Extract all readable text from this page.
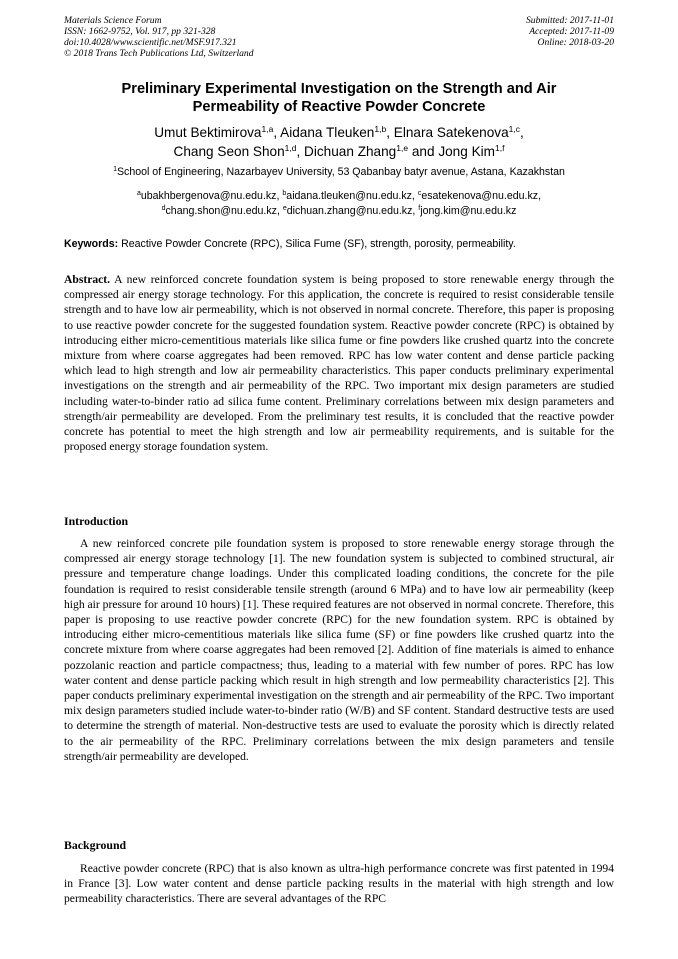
Materials Science Forum
ISSN: 1662-9752, Vol. 917, pp 321-328
doi:10.4028/www.scientific.net/MSF.917.321
© 2018 Trans Tech Publications Ltd, Switzerland
Submitted: 2017-11-01
Accepted: 2017-11-09
Online: 2018-03-20
Preliminary Experimental Investigation on the Strength and Air
Permeability of Reactive Powder Concrete
Umut Bektimirova$^{1,a}$, Aidana Tleuken$^{1,b}$, Elnara Satekenova$^{1,c}$,
Chang Seon Shon$^{1,d}$, Dichuan Zhang$^{1,e}$ and Jong Kim$^{1,f}$
$^1$School of Engineering, Nazarbayev University, 53 Qabanbay batyr avenue, Astana, Kazakhstan
$^a$ubakhbergenova@nu.edu.kz, $^b$aidana.tleuken@nu.edu.kz, $^c$esatekenova@nu.edu.kz,
$^d$chang.shon@nu.edu.kz, $^e$dichuan.zhang@nu.edu.kz, $^f$jong.kim@nu.edu.kz
Keywords: Reactive Powder Concrete (RPC), Silica Fume (SF), strength, porosity, permeability.
Abstract. A new reinforced concrete foundation system is being proposed to store renewable energy through the compressed air energy storage technology. For this application, the concrete is required to resist considerable tensile strength and to have low air permeability, which is not observed in normal concrete. Therefore, this paper is proposing to use reactive powder concrete for the suggested foundation system. Reactive powder concrete (RPC) is obtained by introducing either micro-cementitious materials like silica fume or fine powders like crushed quartz into the concrete mixture from where coarse aggregates had been removed. RPC has low water content and dense particle packing which lead to high strength and low air permeability characteristics. This paper conducts preliminary experimental investigations on the strength and air permeability of the RPC. Two important mix design parameters are studied including water-to-binder ratio ad silica fume content. Preliminary correlations between mix design parameters and strength/air permeability are developed. From the preliminary test results, it is concluded that the reactive powder concrete has potential to meet the high strength and low air permeability requirements, and is suitable for the proposed energy storage foundation system.
Introduction
A new reinforced concrete pile foundation system is proposed to store renewable energy storage through the compressed air energy storage technology [1]. The new foundation system is subjected to combined structural, air pressure and temperature change loadings. Under this complicated loading conditions, the concrete for the pile foundation is required to resist considerable tensile strength (around 6 MPa) and to have low air permeability (keep high air pressure for around 10 hours) [1]. These required features are not observed in normal concrete. Therefore, this paper is proposing to use reactive powder concrete (RPC) for the new foundation system. RPC is obtained by introducing either micro-cementitious materials like silica fume (SF) or fine powders like crushed quartz into the concrete mixture from where coarse aggregates had been removed [2]. Addition of fine materials is aimed to enhance pozzolanic reaction and particle compactness; thus, leading to a material with few number of pores. RPC has low water content and dense particle packing which result in high strength and low permeability characteristics [2]. This paper conducts preliminary experimental investigation on the strength and air permeability of the RPC. Two important mix design parameters studied include water-to-binder ratio (W/B) and SF content. Standard destructive tests are used to determine the strength of material. Non-destructive tests are used to evaluate the porosity which is directly related to the air permeability of the RPC. Preliminary correlations between the mix design parameters and tensile strength/air permeability are developed.
Background
Reactive powder concrete (RPC) that is also known as ultra-high performance concrete was first patented in 1994 in France [3]. Low water content and dense particle packing results in the material with high strength and low permeability characteristics. There are several advantages of the RPC
